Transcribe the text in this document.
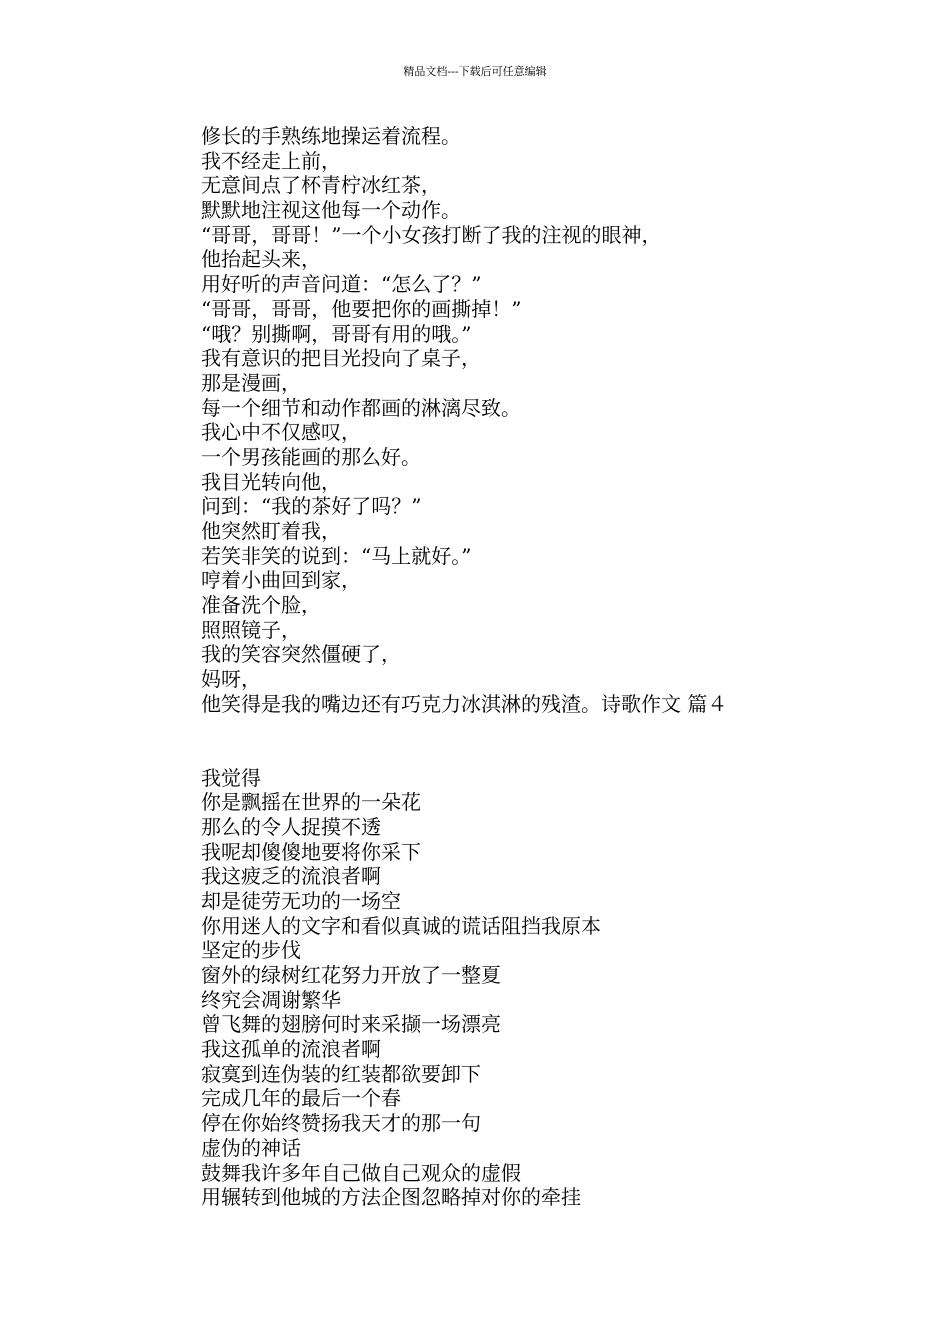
精品文档---下载后可任意编辑
修长的手熟练地操运着流程。
我不经走上前，
无意间点了杯青柠冰红茶，
默默地注视这他每一个动作。
“哥哥，哥哥！”一个小女孩打断了我的注视的眼神，
他抬起头来，
用好听的声音问道：“怎么了？”
“哥哥，哥哥，他要把你的画撕掉！”
“哦？别撕啊，哥哥有用的哦。”
我有意识的把目光投向了桌子，
那是漫画，
每一个细节和动作都画的淋漓尽致。
我心中不仅感叹，
一个男孩能画的那么好。
我目光转向他，
问到：“我的茶好了吗？”
他突然盯着我，
若笑非笑的说到：“马上就好。”
哼着小曲回到家，
准备洗个脸，
照照镜子，
我的笑容突然僵硬了，
妈呀，
他笑得是我的嘴边还有巧克力冰淇淋的残渣。诗歌作文 篇４
我觉得
你是飘摇在世界的一朵花
那么的令人捉摸不透
我呢却傻傻地要将你采下
我这疲乏的流浪者啊
却是徒劳无功的一场空
你用迷人的文字和看似真诚的谎话阻挡我原本
坚定的步伐
窗外的绿树红花努力开放了一整夏
终究会凋谢繁华
曾飞舞的翅膀何时来采撷一场漂亮
我这孤单的流浪者啊
寂寞到连伪装的红装都欲要卸下
完成几年的最后一个春
停在你始终赞扬我天才的那一句
虚伪的神话
鼓舞我许多年自己做自己观众的虚假
用辗转到他城的方法企图忽略掉对你的牵挂
